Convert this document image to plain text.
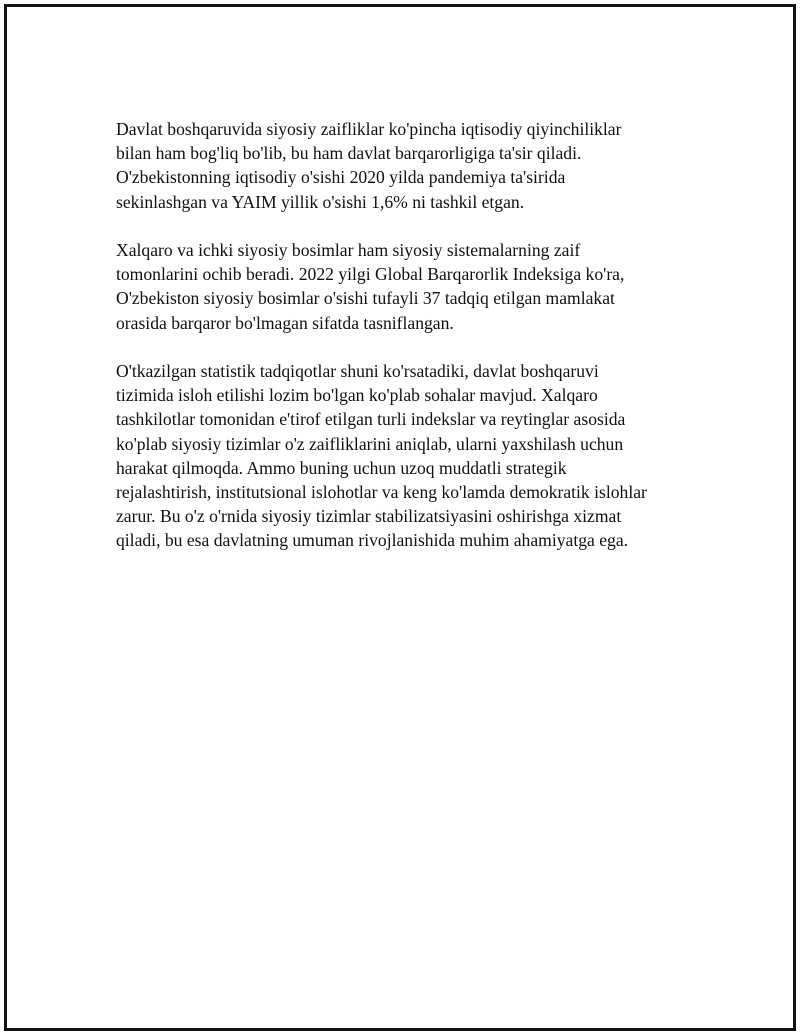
Davlat boshqaruvida siyosiy zaifliklar ko'pincha iqtisodiy qiyinchiliklar
bilan ham bog'liq bo'lib, bu ham davlat barqarorligiga ta'sir qiladi.
O'zbekistonning iqtisodiy o'sishi 2020 yilda pandemiya ta'sirida
sekinlashgan va YAIM yillik o'sishi 1,6% ni tashkil etgan.

Xalqaro va ichki siyosiy bosimlar ham siyosiy sistemalarning zaif
tomonlarini ochib beradi. 2022 yilgi Global Barqarorlik Indeksiga ko'ra,
O'zbekiston siyosiy bosimlar o'sishi tufayli 37 tadqiq etilgan mamlakat
orasida barqaror bo'lmagan sifatda tasniflangan.

O'tkazilgan statistik tadqiqotlar shuni ko'rsatadiki, davlat boshqaruvi
tizimida isloh etilishi lozim bo'lgan ko'plab sohalar mavjud. Xalqaro
tashkilotlar tomonidan e'tirof etilgan turli indekslar va reytinglar asosida
ko'plab siyosiy tizimlar o'z zaifliklarini aniqlab, ularni yaxshilash uchun
harakat qilmoqda. Ammo buning uchun uzoq muddatli strategik
rejalashtirish, institutsional islohotlar va keng ko'lamda demokratik islohlar
zarur. Bu o'z o'rnida siyosiy tizimlar stabilizatsiyasini oshirishga xizmat
qiladi, bu esa davlatning umuman rivojlanishida muhim ahamiyatga ega.
